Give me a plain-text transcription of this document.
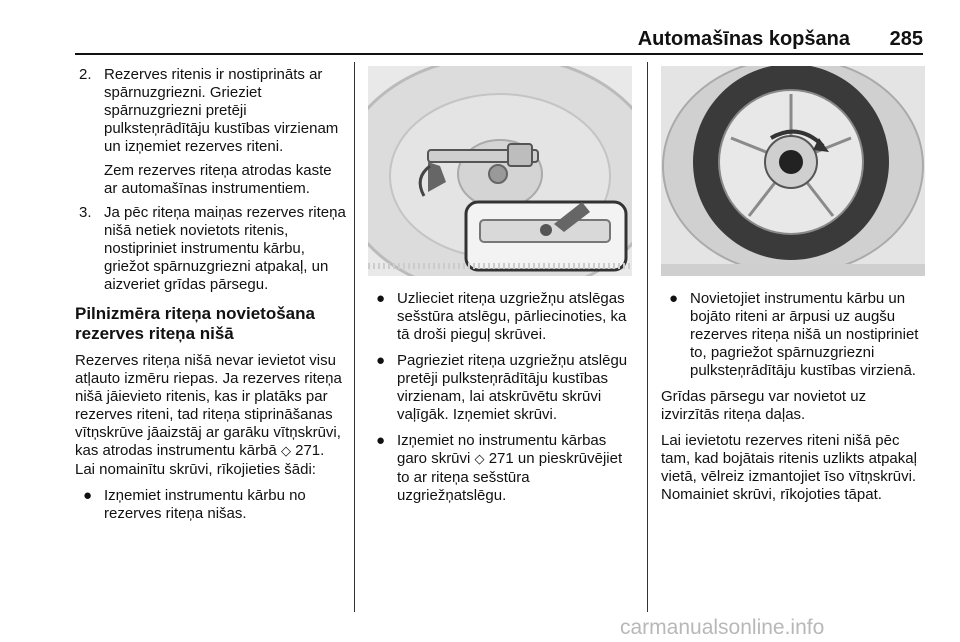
Automašīnas kopšana 285
2. Rezerves ritenis ir nostiprināts ar spārnuzgriezni. Grieziet spārnuzgriezni pretēji pulksteņrādītāju kustības virzienam un izņemiet rezerves riteni.

Zem rezerves riteņa atrodas kaste ar automašīnas instrumentiem.

3. Ja pēc riteņa maiņas rezerves riteņa nišā netiek novietots ritenis, nostipriniet instrumentu kārbu, griežot spārnuzgriezni atpakaļ, un aizveriet grīdas pārsegu.

Pilnizmēra riteņa novietošana rezerves riteņa nišā

Rezerves riteņa nišā nevar ievietot visu atļauto izmēru riepas. Ja rezerves riteņa nišā jāievieto ritenis, kas ir platāks par rezerves riteni, tad riteņa stiprināšanas vītņskrūve jāaizstāj ar garāku vītņskrūvi, kas atrodas instrumentu kārbā ◇ 271. Lai nomainītu skrūvi, rīkojieties šādi:

● Izņemiet instrumentu kārbu no rezerves riteņa nišas.
● Uzlieciet riteņa uzgriežņu atslēgas sešstūra atslēgu, pārliecinoties, ka tā droši pieguļ skrūvei.
● Pagrieziet riteņa uzgriežņu atslēgu pretēji pulksteņrādītāju kustības virzienam, lai atskrūvētu skrūvi vaļīgāk. Izņemiet skrūvi.
● Izņemiet no instrumentu kārbas garo skrūvi ◇ 271 un pieskrūvējiet to ar riteņa sešstūra uzgriežņatslēgu.
● Novietojiet instrumentu kārbu un bojāto riteni ar ārpusi uz augšu rezerves riteņa nišā un nostipriniet to, pagriežot spārnuzgriezni pulksteņrādītāju kustības virzienā.

Grīdas pārsegu var novietot uz izvirzītās riteņa daļas.

Lai ievietotu rezerves riteni nišā pēc tam, kad bojātais ritenis uzlikts atpakaļ vietā, vēlreiz izmantojiet īso vītņskrūvi. Nomainiet skrūvi, rīkojoties tāpat.

carmanualsonline.info
